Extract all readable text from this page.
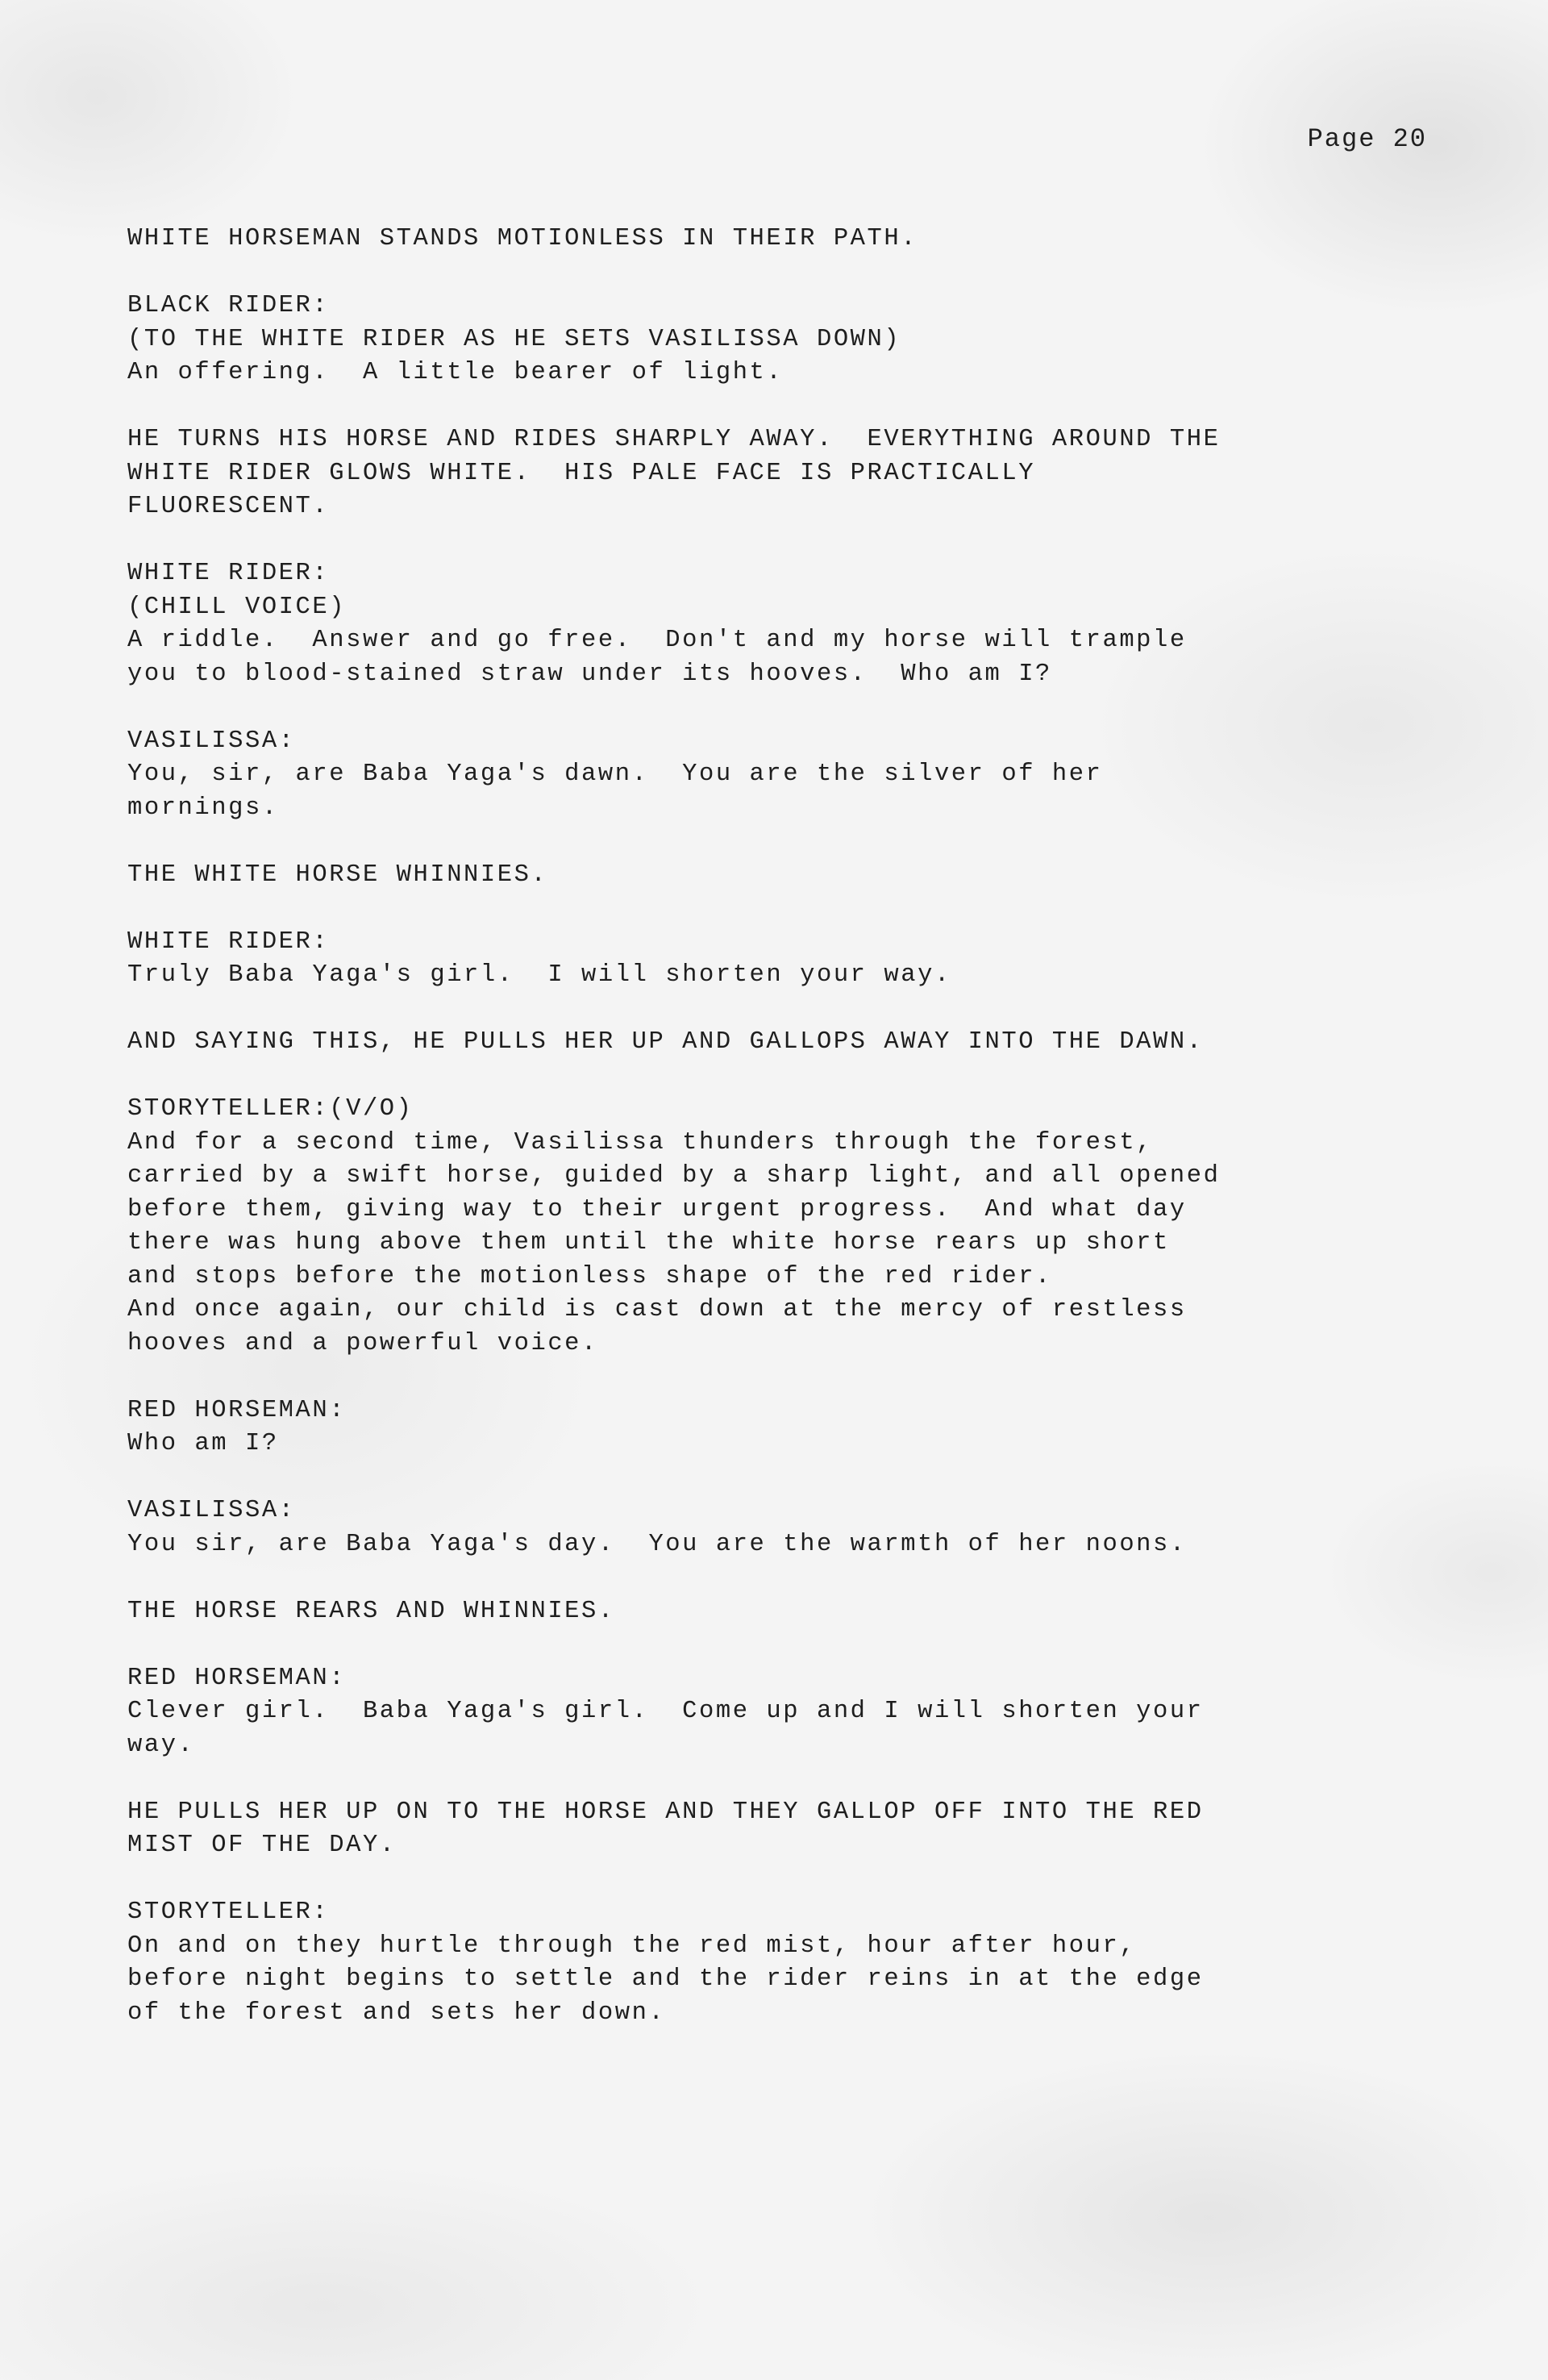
Page 20
WHITE HORSEMAN STANDS MOTIONLESS IN THEIR PATH.
BLACK RIDER:
(TO THE WHITE RIDER AS HE SETS VASILISSA DOWN)
An offering.  A little bearer of light.
HE TURNS HIS HORSE AND RIDES SHARPLY AWAY.  EVERYTHING AROUND THE
WHITE RIDER GLOWS WHITE.  HIS PALE FACE IS PRACTICALLY
FLUORESCENT.
WHITE RIDER:
(CHILL VOICE)
A riddle.  Answer and go free.  Don't and my horse will trample
you to blood-stained straw under its hooves.  Who am I?
VASILISSA:
You, sir, are Baba Yaga's dawn.  You are the silver of her
mornings.
THE WHITE HORSE WHINNIES.
WHITE RIDER:
Truly Baba Yaga's girl.  I will shorten your way.
AND SAYING THIS, HE PULLS HER UP AND GALLOPS AWAY INTO THE DAWN.
STORYTELLER:(V/O)
And for a second time, Vasilissa thunders through the forest,
carried by a swift horse, guided by a sharp light, and all opened
before them, giving way to their urgent progress.  And what day
there was hung above them until the white horse rears up short
and stops before the motionless shape of the red rider.
And once again, our child is cast down at the mercy of restless
hooves and a powerful voice.
RED HORSEMAN:
Who am I?
VASILISSA:
You sir, are Baba Yaga's day.  You are the warmth of her noons.
THE HORSE REARS AND WHINNIES.
RED HORSEMAN:
Clever girl.  Baba Yaga's girl.  Come up and I will shorten your
way.
HE PULLS HER UP ON TO THE HORSE AND THEY GALLOP OFF INTO THE RED
MIST OF THE DAY.
STORYTELLER:
On and on they hurtle through the red mist, hour after hour,
before night begins to settle and the rider reins in at the edge
of the forest and sets her down.
